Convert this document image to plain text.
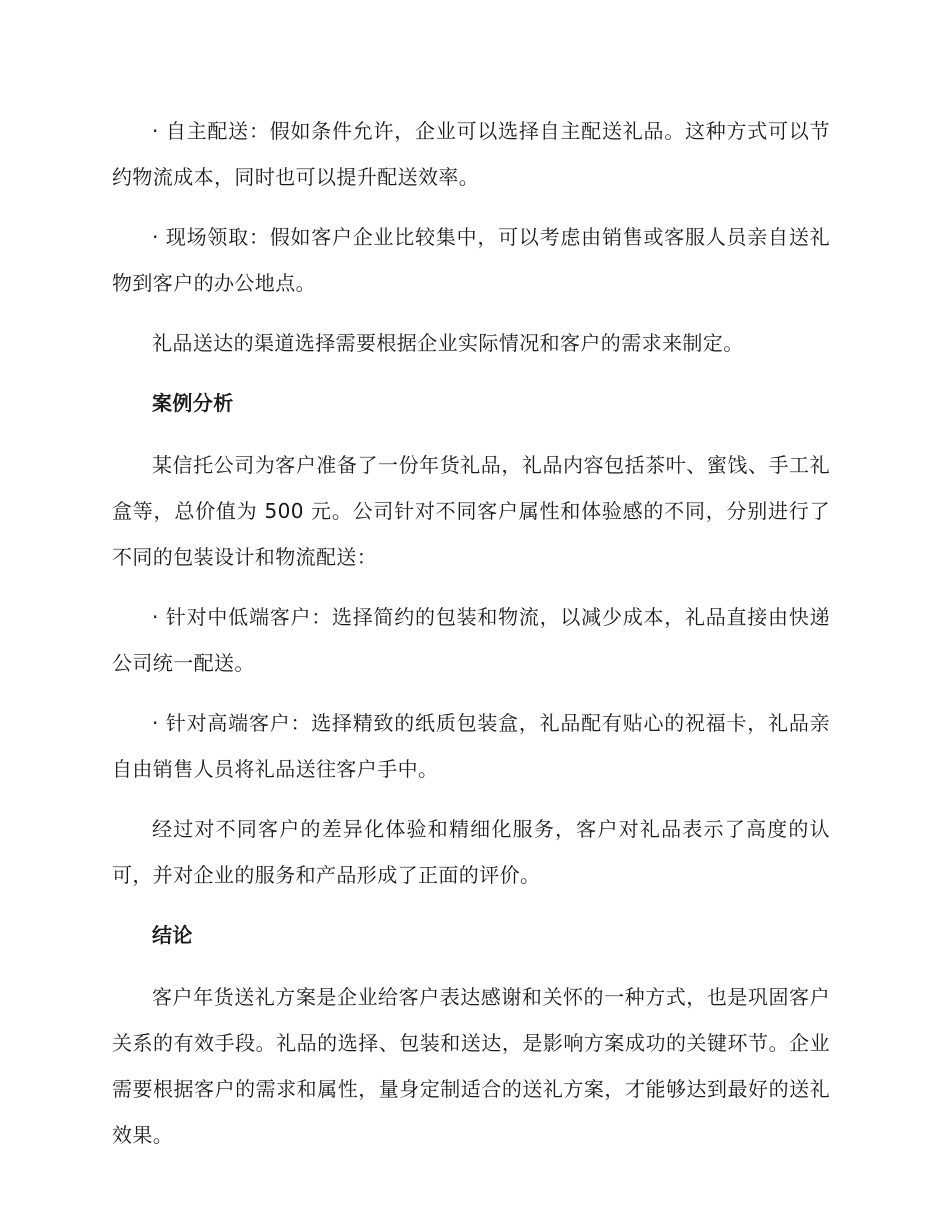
· 自主配送：假如条件允许，企业可以选择自主配送礼品。这种方式可以节约物流成本，同时也可以提升配送效率。

· 现场领取：假如客户企业比较集中，可以考虑由销售或客服人员亲自送礼物到客户的办公地点。

礼品送达的渠道选择需要根据企业实际情况和客户的需求来制定。

案例分析

某信托公司为客户准备了一份年货礼品，礼品内容包括茶叶、蜜饯、手工礼盒等，总价值为 500 元。公司针对不同客户属性和体验感的不同，分别进行了不同的包装设计和物流配送：

· 针对中低端客户：选择简约的包装和物流，以减少成本，礼品直接由快递公司统一配送。

· 针对高端客户：选择精致的纸质包装盒，礼品配有贴心的祝福卡，礼品亲自由销售人员将礼品送往客户手中。

经过对不同客户的差异化体验和精细化服务，客户对礼品表示了高度的认可，并对企业的服务和产品形成了正面的评价。

结论

客户年货送礼方案是企业给客户表达感谢和关怀的一种方式，也是巩固客户关系的有效手段。礼品的选择、包装和送达，是影响方案成功的关键环节。企业需要根据客户的需求和属性，量身定制适合的送礼方案，才能够达到最好的送礼效果。
